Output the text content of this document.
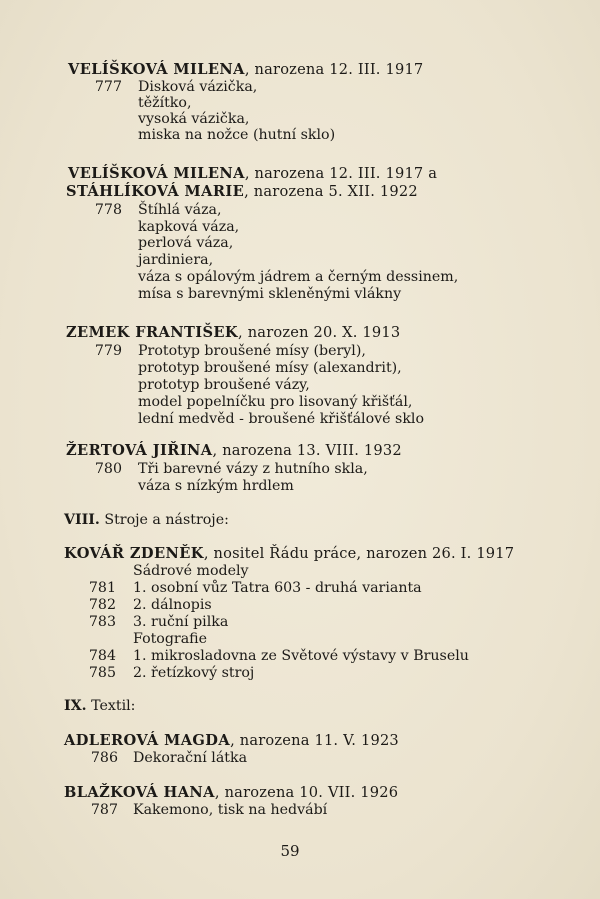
VELÍŠKOVÁ MILENA, narozena 12. III. 1917
777 Disková vázička,
těžítko,
vysoká vázička,
miska na nožce (hutní sklo)
VELÍŠKOVÁ MILENA, narozena 12. III. 1917 a
STÁHLÍKOVÁ MARIE, narozena 5. XII. 1922
778 Štíhlá váza,
kapková váza,
perlová váza,
jardiniera,
váza s opálovým jádrem a černým dessinem,
mísa s barevnými skleněnými vlákny
ZEMEK FRANTIŠEK, narozen 20. X. 1913
779 Prototyp broušené mísy (beryl),
prototyp broušené mísy (alexandrit),
prototyp broušené vázy,
model popelníčku pro lisovaný křišťál,
lední medvěd - broušené křišťálové sklo
ŽERTOVÁ JIŘINA, narozena 13. VIII. 1932
780 Tři barevné vázy z hutního skla,
váza s nízkým hrdlem
VIII. Stroje a nástroje:
KOVÁŘ ZDENĚK, nositel Řádu práce, narozen 26. I. 1917
Sádrové modely
781 1. osobní vůz Tatra 603 - druhá varianta
782 2. dálnopis
783 3. ruční pilka
Fotografie
784 1. mikrosladovna ze Světové výstavy v Bruselu
785 2. řetízkový stroj
IX. Textil:
ADLEROVÁ MAGDA, narozena 11. V. 1923
786 Dekorační látka
BLAŽKOVÁ HANA, narozena 10. VII. 1926
787 Kakemono, tisk na hedvábí
59
